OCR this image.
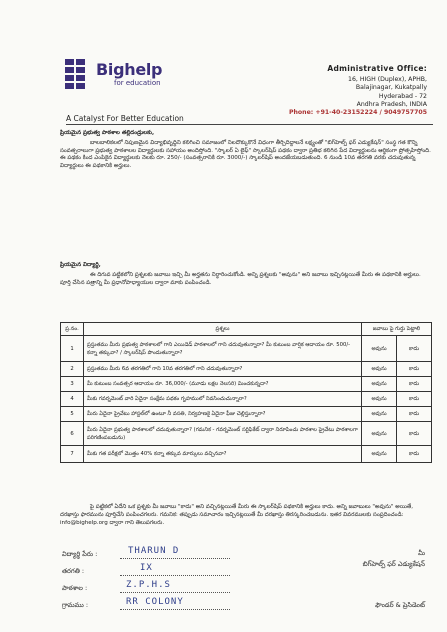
Bighelp
for education
A Catalyst For Better Education
Administrative Office:
16, HIGH (Duplex), APHB,
Balajinagar, Kukatpally
Hyderabad - 72
Andhra Pradesh, INDIA
Phone: +91-40-23152224 / 9049757705
ప్రియమైన ప్రభుత్వ పాఠశాల తల్లిదండ్రులకు,
బాలబాలికలలో నిపుణమైన విద్యాభివృద్ధిని కలిగించి సమాజంలో నిలదొక్కుకొనే విధంగా తీర్చిదిద్దాలనే లక్ష్యంతో "బిగ్‌హెల్ప్ ఫర్ ఎడ్యుకేషన్" సంస్థ గత కొన్ని సంవత్సరాలుగా ప్రభుత్వ పాఠశాలల విద్యార్థులకు సహాయం అందిస్తోంది. "స్కాలర్ ఏ లైఫ్" స్కాలర్‌షిప్ పథకం ద్వారా ప్రతిభ కలిగిన పేద విద్యార్థులను ఆర్థికంగా ప్రోత్సహిస్తోంది. ఈ పథకం కింద ఎంపికైన విద్యార్థులకు నెలకు రూ. 250/- (సంవత్సరానికి రూ. 3000/-) స్కాలర్‌షిప్ అందజేయబడుతుంది. 6 నుండి 10వ తరగతి వరకు చదువుతున్న విద్యార్థులు ఈ పథకానికి అర్హులు.
ప్రియమైన విద్యార్థి,
ఈ దిగువ పట్టికలోని ప్రశ్నలకు జవాబు ఇచ్చి మీ అర్హతను నిర్ధారించుకోండి. అన్ని ప్రశ్నలకు "అవును" అని జవాబు ఇచ్చినట్లయితే మీరు ఈ పథకానికి అర్హులు. పూర్తి చేసిన పత్రాన్ని మీ ప్రధానోపాధ్యాయుల ద్వారా మాకు పంపించండి.
ప్ర.నం.	ప్రశ్నలు	జవాబు పై గుర్తు పెట్టాలి	
1	ప్రస్తుతము మీరు ప్రభుత్వ పాఠశాలలో గాని ఎయిడెడ్ పాఠశాలలో గాని చదువుతున్నారా? మీ కుటుంబ వార్షిక ఆదాయం రూ. 500/- కన్నా తక్కువా? / స్కాలర్‌షిప్ పొందుతున్నారా?	అవును	కాదు
2	ప్రస్తుతము మీరు 6వ తరగతిలో గాని 10వ తరగతిలో గాని చదువుతున్నారా?	అవును	కాదు
3	మీ కుటుంబ సంవత్సర ఆదాయం రూ. 36,000/- (మూడు లక్షల నెలసరి) మించకున్నదా?	అవును	కాదు
4	మీకు గవర్నమెంట్ వారి ఏదైనా సంక్షేమ పథకం గృహములో నివసించుచున్నారా?	అవును	కాదు
5	మీరు ఏదైనా ప్రైవేటు హాస్టల్‌లో ఉంటూ నీ వసతి, నిర్వహణకై ఏదైనా ఫీజు చెల్లిస్తున్నారా?	అవును	కాదు
6	మీరు ఏదైనా ప్రభుత్వ పాఠశాలలో చదువుతున్నారా? (గమనిక - గవర్నమెంట్ సర్టిఫికేట్ ద్వారా నిరూపించు పాఠశాల ప్రైవేటు పాఠశాలగా పరిగణింపబడును)	అవును	కాదు
7	మీకు గత పరీక్షలో మొత్తం 40% కన్నా తక్కువ మార్కులు వచ్చినవా?	అవును	కాదు
పై పట్టికలో ఏదేని ఒక ప్రశ్నకు మీ జవాబు "కాదు" అని వచ్చినట్లయితే మీరు ఈ స్కాలర్‌షిప్ పథకానికి అర్హులు కాదు. అన్ని జవాబులు "అవును" అయితే, దరఖాస్తు ఫారమును పూర్తిచేసి పంపించగలరు. గమనిక: తప్పుడు సమాచారం ఇచ్చినట్లయితే మీ దరఖాస్తు తిరస్కరించబడును. ఇతర వివరములకు సంప్రదించండి:
info@bighelp.org ద్వారా గాని తెలుపగలరు.
విద్యార్థి పేరు :	THARUN D
తరగతి :	IX
పాఠశాల :	Z.P.H.S
గ్రామము :	RR COLONY
మీ
బిగ్‌హెల్ప్ ఫర్ ఎడ్యుకేషన్
ఫౌండర్ & ప్రెసిడెంట్
